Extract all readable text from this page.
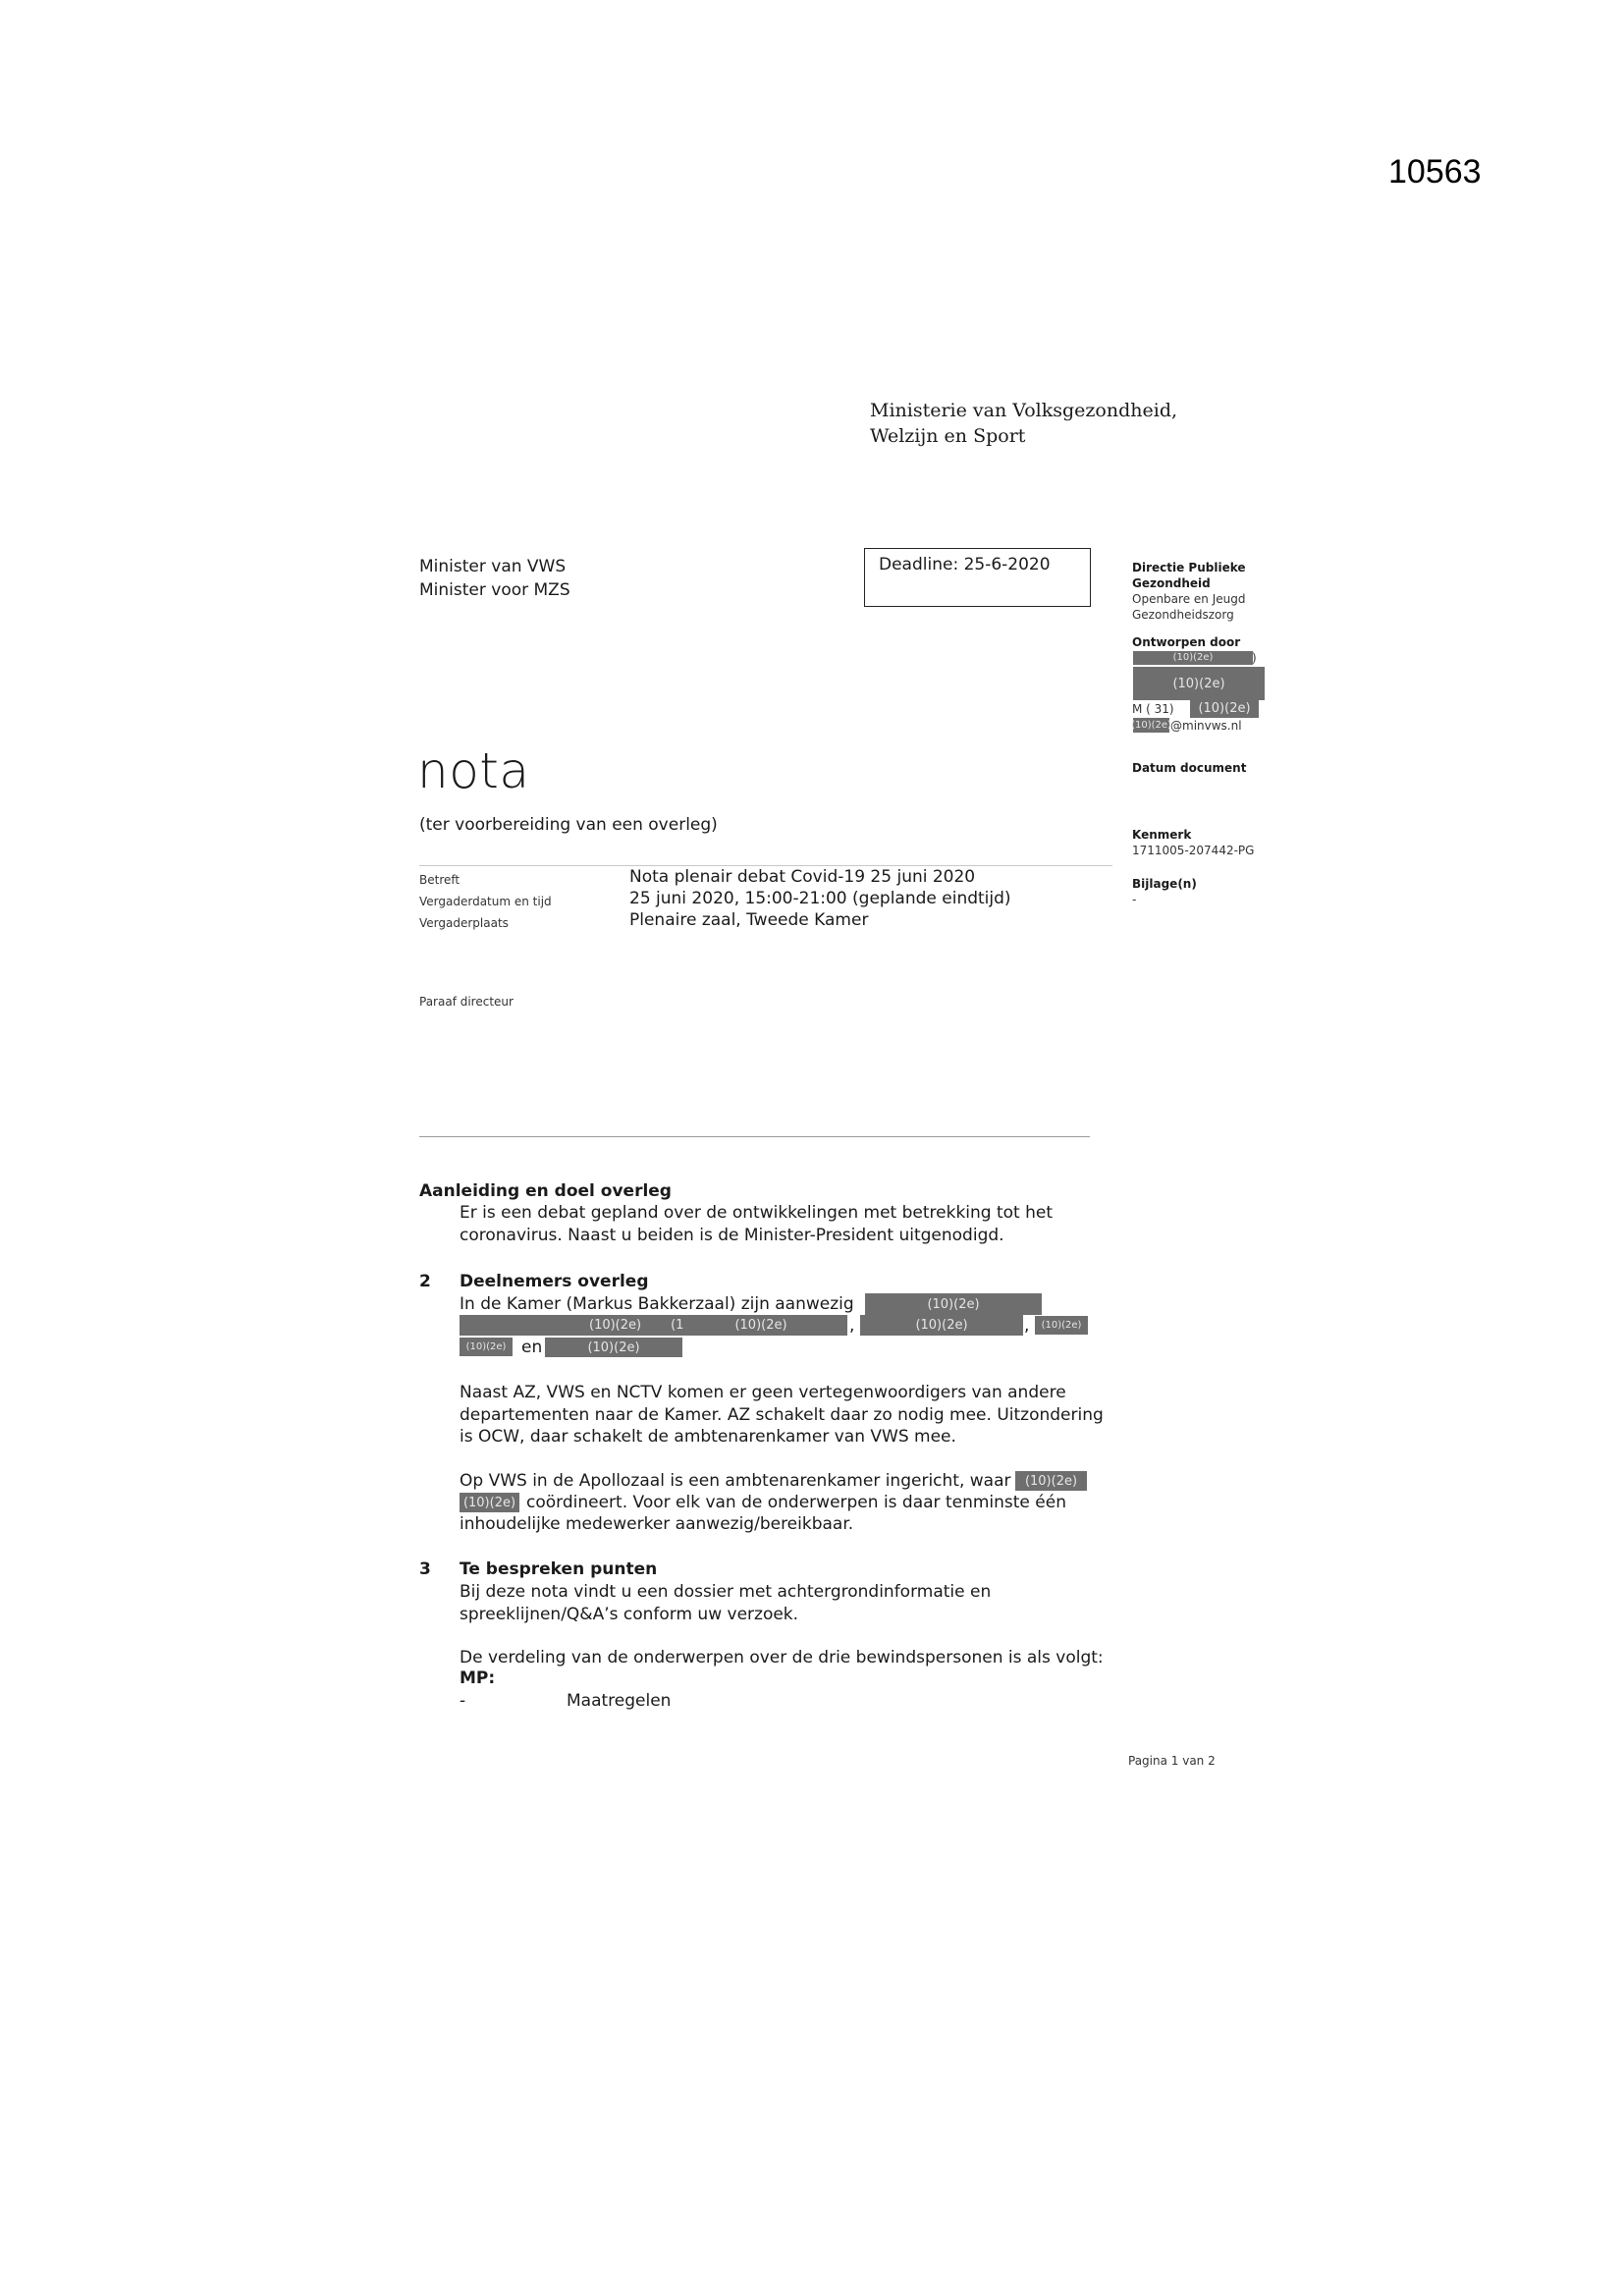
10563
Ministerie van Volksgezondheid,
Welzijn en Sport
Minister van VWS
Minister voor MZS
Deadline: 25-6-2020	Directie Publieke
Gezondheid
Openbare en Jeugd
Gezondheidszorg
Ontworpen door
(10)(2e)	)
(10)(2e)
M ( 31)	(10)(2e)
(10)(2e) @minvws.nl
Datum document
Kenmerk
1711005-207442-PG
Bijlage(n)
-
nota
(ter voorbereiding van een overleg)
Betreft	Nota plenair debat Covid-19 25 juni 2020
Vergaderdatum en tijd	25 juni 2020, 15:00-21:00 (geplande eindtijd)
Vergaderplaats	Plenaire zaal, Tweede Kamer
Paraaf directeur
Aanleiding en doel overleg
Er is een debat gepland over de ontwikkelingen met betrekking tot het
coronavirus. Naast u beiden is de Minister-President uitgenodigd.
2 Deelnemers overleg
In de Kamer (Markus Bakkerzaal) zijn aanwezig	(10)(2e)
(10)(2e) (1	(10)(2e)	,	(10)(2e)	,	(10)(2e)
(10)(2e) en	(10)(2e)
Naast AZ, VWS en NCTV komen er geen vertegenwoordigers van andere
departementen naar de Kamer. AZ schakelt daar zo nodig mee. Uitzondering
is OCW, daar schakelt de ambtenarenkamer van VWS mee.
Op VWS in de Apollozaal is een ambtenarenkamer ingericht, waar	(10)(2e)
(10)(2e) coördineert. Voor elk van de onderwerpen is daar tenminste één
inhoudelijke medewerker aanwezig/bereikbaar.
3 Te bespreken punten
Bij deze nota vindt u een dossier met achtergrondinformatie en
spreeklijnen/Q&A’s conform uw verzoek.
De verdeling van de onderwerpen over de drie bewindspersonen is als volgt:
MP:
-	Maatregelen
Pagina 1 van 2
